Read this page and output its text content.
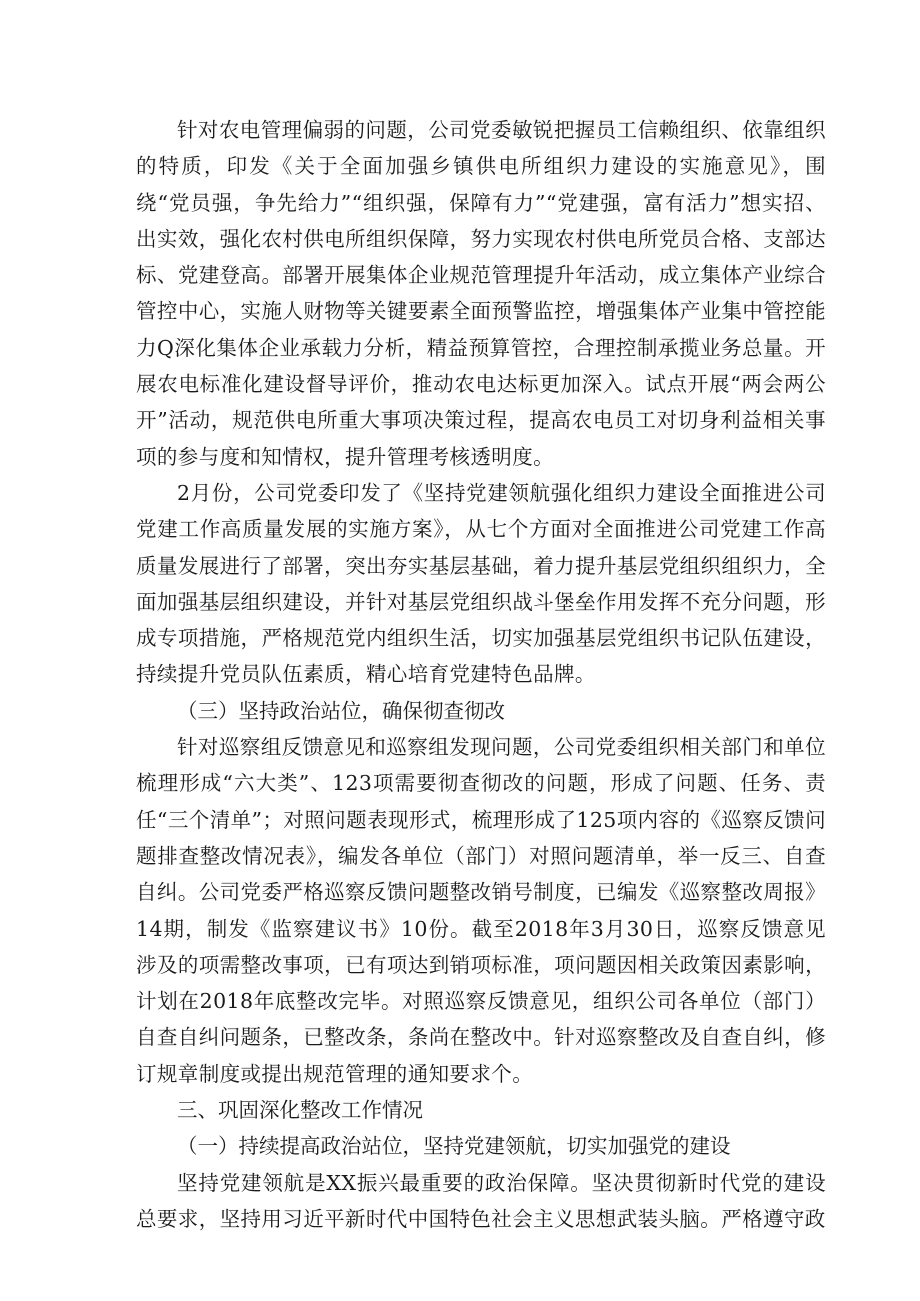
针对农电管理偏弱的问题，公司党委敏锐把握员工信赖组织、依靠组织的特质，印发《关于全面加强乡镇供电所组织力建设的实施意见》，围绕“党员强，争先给力”“组织强，保障有力”“党建强，富有活力”想实招、出实效，强化农村供电所组织保障，努力实现农村供电所党员合格、支部达标、党建登高。部署开展集体企业规范管理提升年活动，成立集体产业综合管控中心，实施人财物等关键要素全面预警监控，增强集体产业集中管控能力Q深化集体企业承载力分析，精益预算管控，合理控制承揽业务总量。开展农电标准化建设督导评价，推动农电达标更加深入。试点开展“两会两公开”活动，规范供电所重大事项决策过程，提高农电员工对切身利益相关事项的参与度和知情权，提升管理考核透明度。

2月份，公司党委印发了《坚持党建领航强化组织力建设全面推进公司党建工作高质量发展的实施方案》，从七个方面对全面推进公司党建工作高质量发展进行了部署，突出夯实基层基础，着力提升基层党组织组织力，全面加强基层组织建设，并针对基层党组织战斗堡垒作用发挥不充分问题，形成专项措施，严格规范党内组织生活，切实加强基层党组织书记队伍建设，持续提升党员队伍素质，精心培育党建特色品牌。

（三）坚持政治站位，确保彻查彻改

针对巡察组反馈意见和巡察组发现问题，公司党委组织相关部门和单位梳理形成“六大类”、123项需要彻查彻改的问题，形成了问题、任务、责任“三个清单”；对照问题表现形式，梳理形成了125项内容的《巡察反馈问题排查整改情况表》，编发各单位（部门）对照问题清单，举一反三、自查自纠。公司党委严格巡察反馈问题整改销号制度，已编发《巡察整改周报》14期，制发《监察建议书》10份。截至2018年3月30日，巡察反馈意见涉及的项需整改事项，已有项达到销项标准，项问题因相关政策因素影响，计划在2018年底整改完毕。对照巡察反馈意见，组织公司各单位（部门）自查自纠问题条，已整改条，条尚在整改中。针对巡察整改及自查自纠，修订规章制度或提出规范管理的通知要求个。

三、巩固深化整改工作情况

（一）持续提高政治站位，坚持党建领航，切实加强党的建设

坚持党建领航是XX振兴最重要的政治保障。坚决贯彻新时代党的建设总要求，坚持用习近平新时代中国特色社会主义思想武装头脑。严格遵守政
